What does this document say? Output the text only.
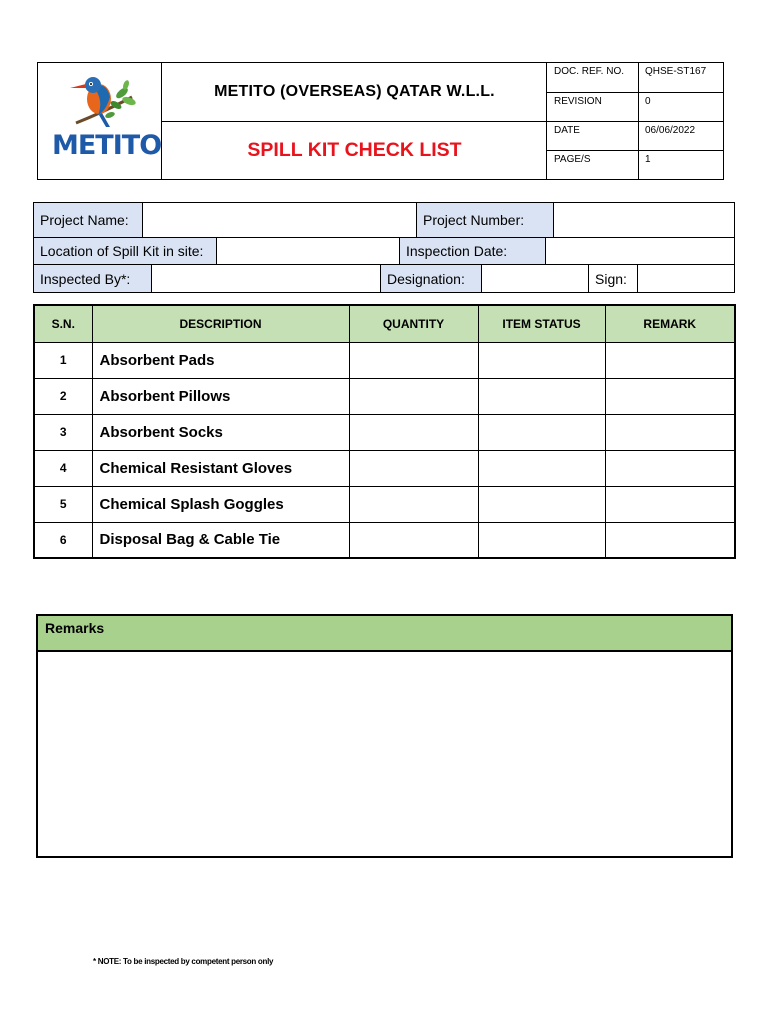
METITO
METITO (OVERSEAS) QATAR W.L.L.
SPILL KIT CHECK LIST
DOC. REF. NO.	QHSE-ST167
REVISION	0
DATE	06/06/2022
PAGE/S	1
Project Name:	Project Number:
Location of Spill Kit in site:	Inspection Date:
Inspected By*:	Designation:	Sign:
S.N.	DESCRIPTION	QUANTITY	ITEM STATUS	REMARK
1	Absorbent Pads			
2	Absorbent Pillows			
3	Absorbent Socks			
4	Chemical Resistant Gloves			
5	Chemical Splash Goggles			
6	Disposal Bag & Cable Tie			
Remarks
* NOTE: To be inspected by competent person only
